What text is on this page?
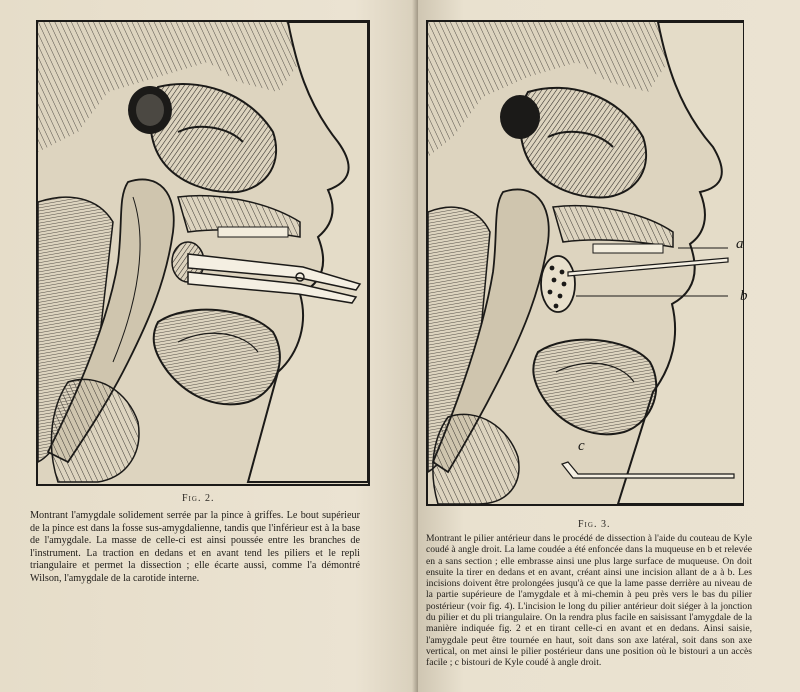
Fig. 2.

Montrant l'amygdale solidement serrée par la pince à griffes. Le bout supérieur de la pince est dans la fosse sus-amygdalienne, tandis que l'inférieur est à la base de l'amygdale. La masse de celle-ci est ainsi poussée entre les branches de l'instrument. La traction en dedans et en avant tend les piliers et le repli triangulaire et permet la dissection ; elle écarte aussi, comme l'a démontré Wilson, l'amygdale de la carotide interne.

a
b
c

Fig. 3.

Montrant le pilier antérieur dans le procédé de dissection à l'aide du couteau de Kyle coudé à angle droit. La lame coudée a été enfoncée dans la muqueuse en b et relevée en a sans section ; elle embrasse ainsi une plus large surface de muqueuse. On doit ensuite la tirer en dedans et en avant, créant ainsi une incision allant de a à b. Les incisions doivent être prolongées jusqu'à ce que la lame passe derrière au niveau de la partie supérieure de l'amygdale et à mi-chemin à peu près vers le bas du pilier postérieur (voir fig. 4). L'incision le long du pilier antérieur doit siéger à la jonction du pilier et du pli triangulaire. On la rendra plus facile en saisissant l'amygdale de la manière indiquée fig. 2 et en tirant celle-ci en avant et en dedans. Ainsi saisie, l'amygdale peut être tournée en haut, soit dans son axe latéral, soit dans son axe vertical, on met ainsi le pilier postérieur dans une position où le bistouri a un accès facile ; c bistouri de Kyle coudé à angle droit.
